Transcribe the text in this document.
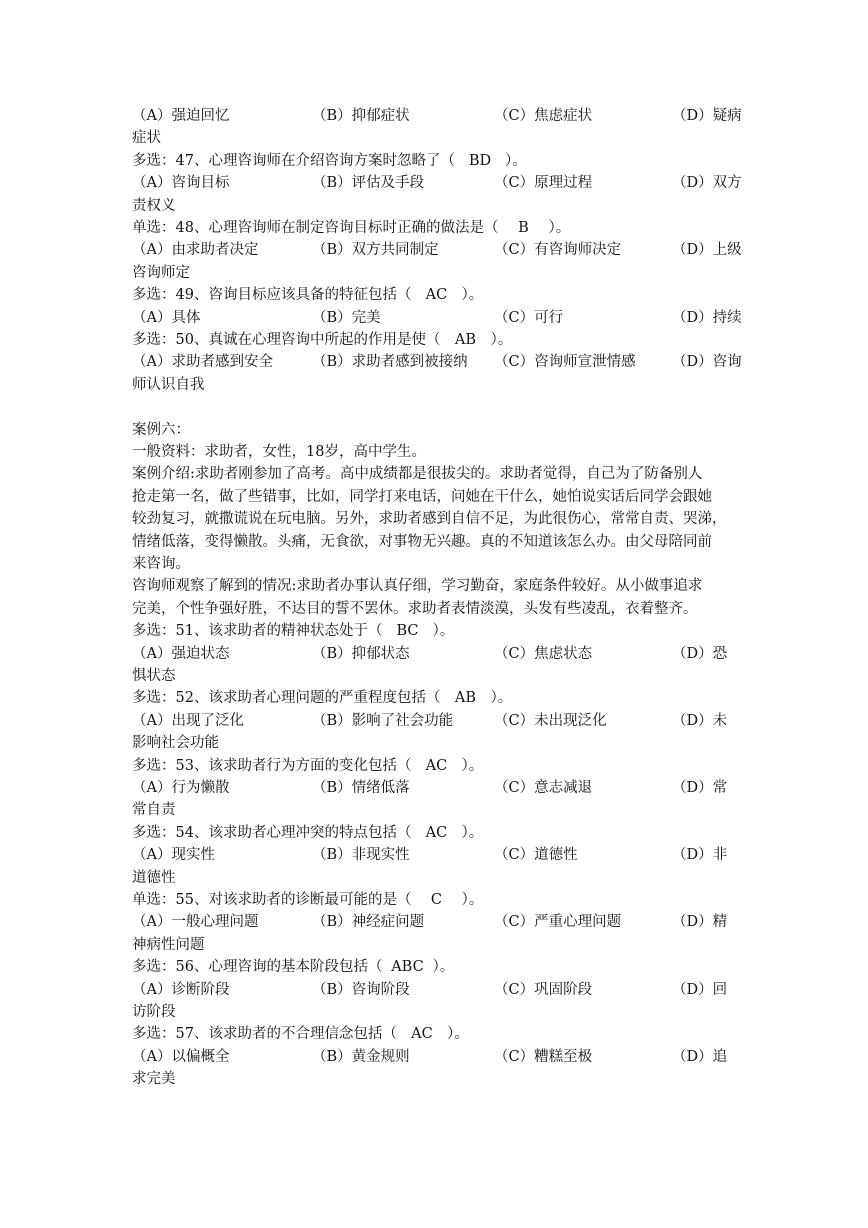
（A）强迫回忆	（B）抑郁症状	（C）焦虑症状	（D）疑病
症状
多选：47、心理咨询师在介绍咨询方案时忽略了（ BD ）。
（A）咨询目标	（B）评估及手段	（C）原理过程	（D）双方
责权义
单选：48、心理咨询师在制定咨询目标时正确的做法是（ B ）。
（A）由求助者决定	（B）双方共同制定	（C）有咨询师决定	（D）上级
咨询师定
多选：49、咨询目标应该具备的特征包括（ AC ）。
（A）具体	（B）完美	（C）可行	（D）持续
多选：50、真诚在心理咨询中所起的作用是使（ AB ）。
（A）求助者感到安全	（B）求助者感到被接纳 （C）咨询师宣泄情感	（D）咨询
师认识自我
案例六：
一般资料：求助者，女性，18岁，高中学生。
案例介绍:求助者刚参加了高考。高中成绩都是很拔尖的。求助者觉得，自己为了防备别人
抢走第一名，做了些错事，比如，同学打来电话，问她在干什么，她怕说实话后同学会跟她
较劲复习，就撒谎说在玩电脑。另外，求助者感到自信不足，为此很伤心，常常自责、哭涕，
情绪低落，变得懒散。头痛，无食欲，对事物无兴趣。真的不知道该怎么办。由父母陪同前
来咨询。
咨询师观察了解到的情况:求助者办事认真仔细，学习勤奋，家庭条件较好。从小做事追求
完美，个性争强好胜，不达目的誓不罢休。求助者表情淡漠，头发有些凌乱，衣着整齐。
多选：51、该求助者的精神状态处于（ BC ）。
（A）强迫状态	（B）抑郁状态	（C）焦虑状态	（D）恐
惧状态
多选：52、该求助者心理问题的严重程度包括（ AB ）。
（A）出现了泛化	（B）影响了社会功能	（C）未出现泛化	（D）未
影响社会功能
多选：53、该求助者行为方面的变化包括（ AC ）。
（A）行为懒散	（B）情绪低落	（C）意志减退	（D）常
常自责
多选：54、该求助者心理冲突的特点包括（ AC ）。
（A）现实性	（B）非现实性	（C）道德性	（D）非
道德性
单选：55、对该求助者的诊断最可能的是（ C ）。
（A）一般心理问题	（B）神经症问题	（C）严重心理问题	（D）精
神病性问题
多选：56、心理咨询的基本阶段包括（ ABC ）。
（A）诊断阶段	（B）咨询阶段	（C）巩固阶段	（D）回
访阶段
多选：57、该求助者的不合理信念包括（ AC ）。
（A）以偏概全	（B）黄金规则	（C）糟糕至极	（D）追
求完美
